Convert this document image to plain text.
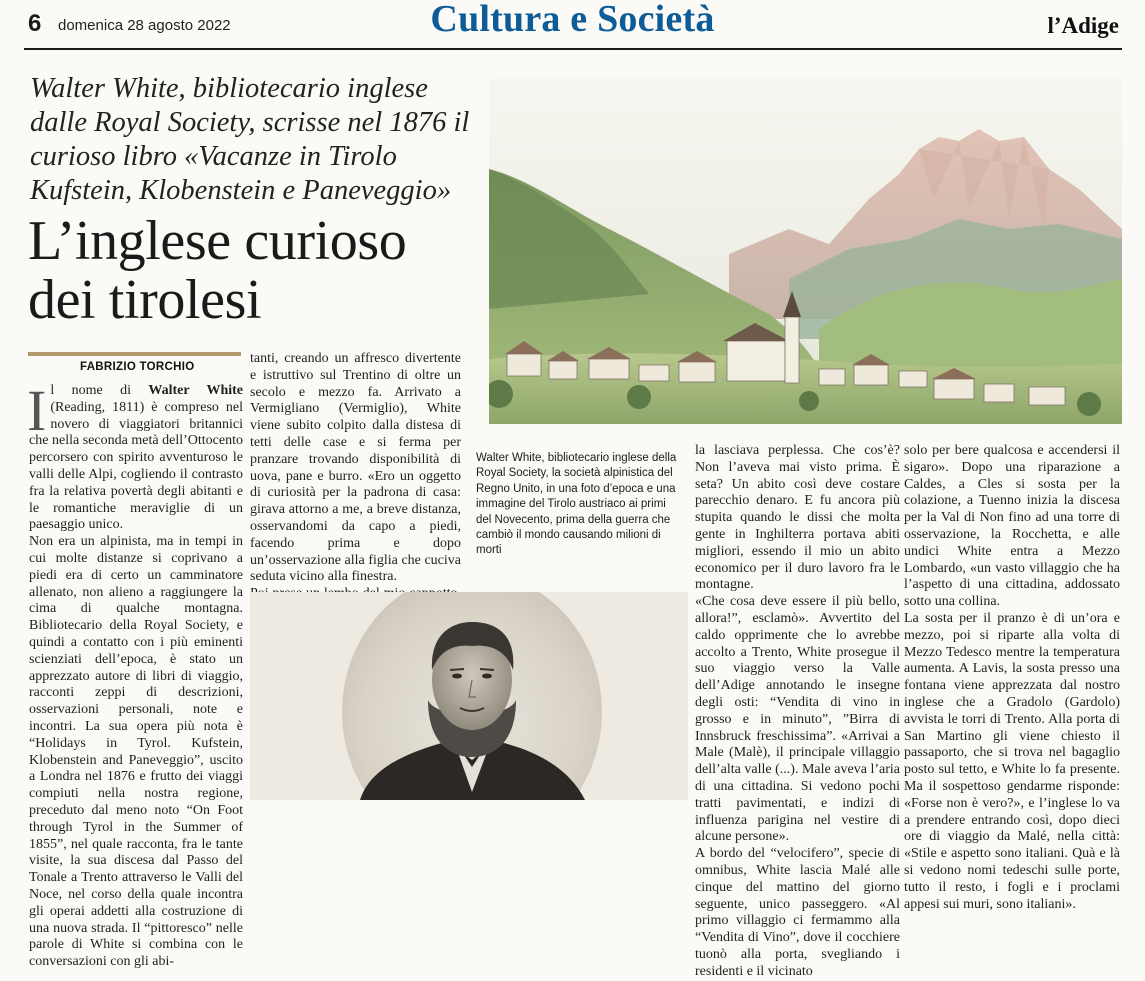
6 domenica 28 agosto 2022	Cultura e Società	l’Adige
Walter White, bibliotecario inglese dalle Royal Society, scrisse nel 1876 il curioso libro «Vacanze in Tirolo Kufstein, Klobenstein e Paneveggio»
L’inglese curioso dei tirolesi
FABRIZIO TORCHIO

Il nome di Walter White (Reading, 1811) è compreso nel novero di viaggiatori britannici che nella seconda metà dell’Ottocento percorsero con spirito avventuroso le valli delle Alpi, cogliendo il contrasto fra la relativa povertà degli abitanti e le romantiche meraviglie di un paesaggio unico.

Non era un alpinista, ma in tempi in cui molte distanze si coprivano a piedi era di certo un camminatore allenato, non alieno a raggiungere la cima di qualche montagna. Bibliotecario della Royal Society, e quindi a contatto con i più eminenti scienziati dell’epoca, è stato un apprezzato autore di libri di viaggio, racconti zeppi di descrizioni, osservazioni personali, note e incontri. La sua opera più nota è “Holidays in Tyrol. Kufstein, Klobenstein and Paneveggio”, uscito a Londra nel 1876 e frutto dei viaggi compiuti nella nostra regione, preceduto dal meno noto “On Foot through Tyrol in the Summer of 1855”, nel quale racconta, fra le tante visite, la sua discesa dal Passo del Tonale a Trento attraverso le Valli del Noce, nel corso della quale incontra gli operai addetti alla costruzione di una nuova strada. Il “pittoresco” nelle parole di White si combina con le conversazioni con gli abi-

tanti, creando un affresco divertente e istruttivo sul Trentino di oltre un secolo e mezzo fa. Arrivato a Vermigliano (Vermiglio), White viene subito colpito dalla distesa di tetti delle case e si ferma per pranzare trovando disponibilità di uova, pane e burro. «Ero un oggetto di curiosità per la padrona di casa: girava attorno a me, a breve distanza, osservandomi da capo a piedi, facendo prima e dopo un’osservazione alla figlia che cuciva seduta vicino alla finestra.

Walter White, bibliotecario inglese della Royal Society, la società alpinistica del Regno Unito, in una foto d’epoca e una immagine del Tirolo austriaco ai primi del Novecento, prima della guerra che cambiò il mondo causando milioni di morti

la lasciava perplessa. Che cos’è? Non l’aveva mai visto prima. È seta? Un abito così deve costare parecchio denaro. E fu ancora più stupita quando le dissi che molta gente in Inghilterra portava abiti migliori, essendo il mio un abito economico per il duro lavoro fra le montagne.

«Che cosa deve essere il più bello, allora!”, esclamò». Avvertito del caldo opprimente che lo avrebbe accolto a Trento, White prosegue il suo viaggio verso la Valle dell’Adige annotando le insegne degli osti: “Vendita di vino in grosso e in minuto”, ”Birra di Innsbruck freschissima”. «Arrivai a Male (Malè), il principale villaggio dell’alta valle (...). Male aveva l’aria di una cittadina. Si vedono pochi tratti pavimentati, e indizi di influenza parigina nel vestire di alcune persone».

A bordo del “velocifero”, specie di omnibus, White lascia Malé alle cinque del mattino del giorno seguente, unico passeggero. «Al primo villaggio ci fermammo alla “Vendita di Vino”, dove il cocchiere tuonò alla porta, svegliando i residenti e il vicinato

solo per bere qualcosa e accendersi il sigaro». Dopo una riparazione a Caldes, a Cles si sosta per la colazione, a Tuenno inizia la discesa per la Val di Non fino ad una torre di osservazione, la Rocchetta, e alle undici White entra a Mezzo Lombardo, «un vasto villaggio che ha l’aspetto di una cittadina, addossato sotto una collina.

La sosta per il pranzo è di un’ora e mezzo, poi si riparte alla volta di Mezzo Tedesco mentre la temperatura aumenta. A Lavis, la sosta presso una fontana viene apprezzata dal nostro inglese che a Gradolo (Gardolo) avvista le torri di Trento. Alla porta di San Martino gli viene chiesto il passaporto, che si trova nel bagaglio posto sul tetto, e White lo fa presente. Ma il sospettoso gendarme risponde: «Forse non è vero?», e l’inglese lo va a prendere entrando così, dopo dieci ore di viaggio da Malé, nella città: «Stile e aspetto sono italiani. Quà e là si vedono nomi tedeschi sulle porte, tutto il resto, i fogli e i proclami appesi sui muri, sono italiani».
